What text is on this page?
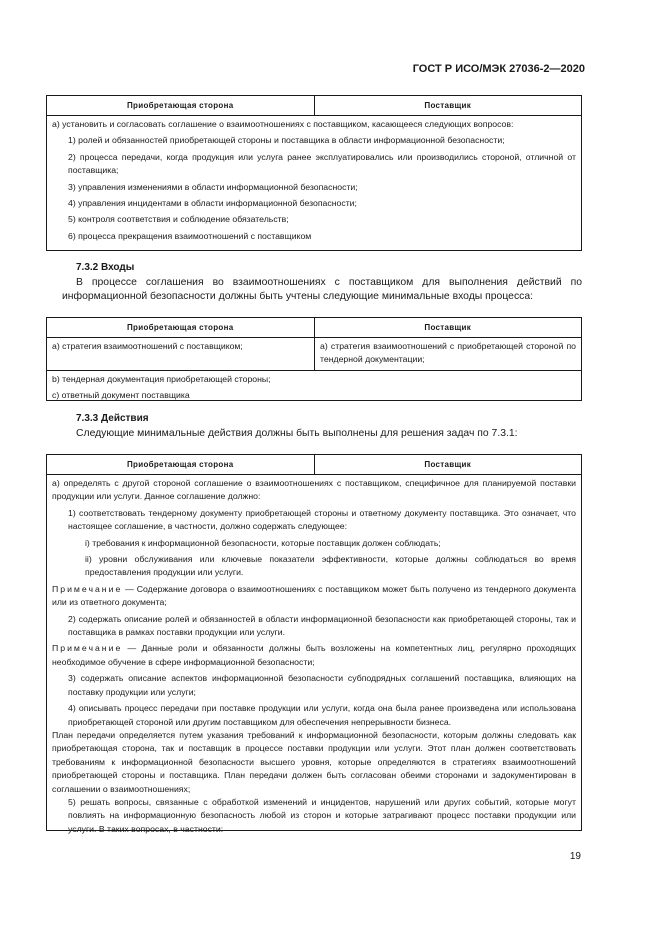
ГОСТ Р ИСО/МЭК 27036-2—2020
Приобретающая сторона	Поставщик
а) установить и согласовать соглашение о взаимоотношениях с поставщиком, касающееся следующих вопросов:
1) ролей и обязанностей приобретающей стороны и поставщика в области информационной безопасности;
2) процесса передачи, когда продукция или услуга ранее эксплуатировались или производились стороной, отличной от поставщика;
3) управления изменениями в области информационной безопасности;
4) управления инцидентами в области информационной безопасности;
5) контроля соответствия и соблюдение обязательств;
6) процесса прекращения взаимоотношений с поставщиком
7.3.2 Входы
В процессе соглашения во взаимоотношениях с поставщиком для выполнения действий по информационной безопасности должны быть учтены следующие минимальные входы процесса:
Приобретающая сторона	Поставщик
а) стратегия взаимоотношений с поставщиком;	а) стратегия взаимоотношений с приобретающей стороной по тендерной документации;
b) тендерная документация приобретающей стороны;
c) ответный документ поставщика
7.3.3 Действия
Следующие минимальные действия должны быть выполнены для решения задач по 7.3.1:
Приобретающая сторона	Поставщик
а) определять с другой стороной соглашение о взаимоотношениях с поставщиком, специфичное для планируемой поставки продукции или услуги. Данное соглашение должно:
1) соответствовать тендерному документу приобретающей стороны и ответному документу поставщика. Это означает, что настоящее соглашение, в частности, должно содержать следующее:
i) требования к информационной безопасности, которые поставщик должен соблюдать;
ii) уровни обслуживания или ключевые показатели эффективности, которые должны соблюдаться во время предоставления продукции или услуги.
Примечание — Содержание договора о взаимоотношениях с поставщиком может быть получено из тендерного документа или из ответного документа;
2) содержать описание ролей и обязанностей в области информационной безопасности как приобретающей стороны, так и поставщика в рамках поставки продукции или услуги.
Примечание — Данные роли и обязанности должны быть возложены на компетентных лиц, регулярно проходящих необходимое обучение в сфере информационной безопасности;
3) содержать описание аспектов информационной безопасности субподрядных соглашений поставщика, влияющих на поставку продукции или услуги;
4) описывать процесс передачи при поставке продукции или услуги, когда она была ранее произведена или использована приобретающей стороной или другим поставщиком для обеспечения непрерывности бизнеса.
План передачи определяется путем указания требований к информационной безопасности, которым должны следовать как приобретающая сторона, так и поставщик в процессе поставки продукции или услуги. Этот план должен соответствовать требованиям к информационной безопасности высшего уровня, которые определяются в стратегиях взаимоотношений приобретающей стороны и поставщика. План передачи должен быть согласован обеими сторонами и задокументирован в соглашении о взаимоотношениях;
5) решать вопросы, связанные с обработкой изменений и инцидентов, нарушений или других событий, которые могут повлиять на информационную безопасность любой из сторон и которые затрагивают процесс поставки продукции или услуги. В таких вопросах, в частности:
19
